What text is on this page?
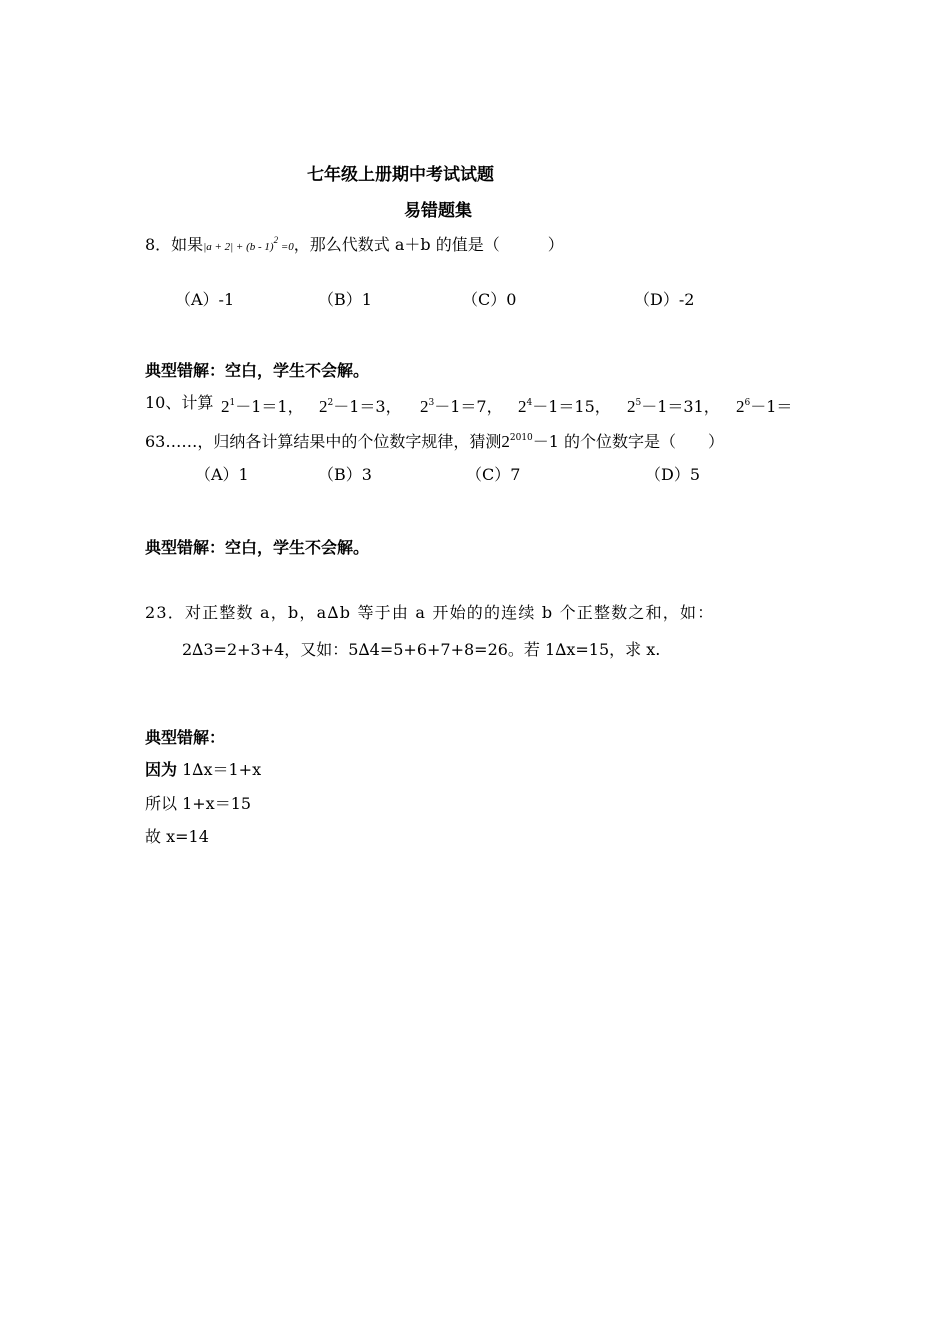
七年级上册期中考试试题
易错题集
8．如果|a + 2| + (b - 1)$^2$ =0，那么代数式 a＋b 的值是（　　　）
（A）-1	（B）1	（C）0	（D）-2
典型错解：空白，学生不会解。
10、计算 $2^1-1=1$， $2^2-1=3$， $2^3-1=7$， $2^4-1=15$， $2^5-1=31$， $2^6-1=$
63……，归纳各计算结果中的个位数字规律，猜测$2^{2010}-1$ 的个位数字是（　　）
（A）1	（B）3	（C）7	（D）5
典型错解：空白，学生不会解。
23．对正整数 a，b，a∆b 等于由 a 开始的的连续 b 个正整数之和，如：
2∆3=2+3+4，又如：5∆4=5+6+7+8=26。若 1∆x=15，求 x.
典型错解：
因为 1∆x＝1+x
所以 1+x＝15
故 x=14
